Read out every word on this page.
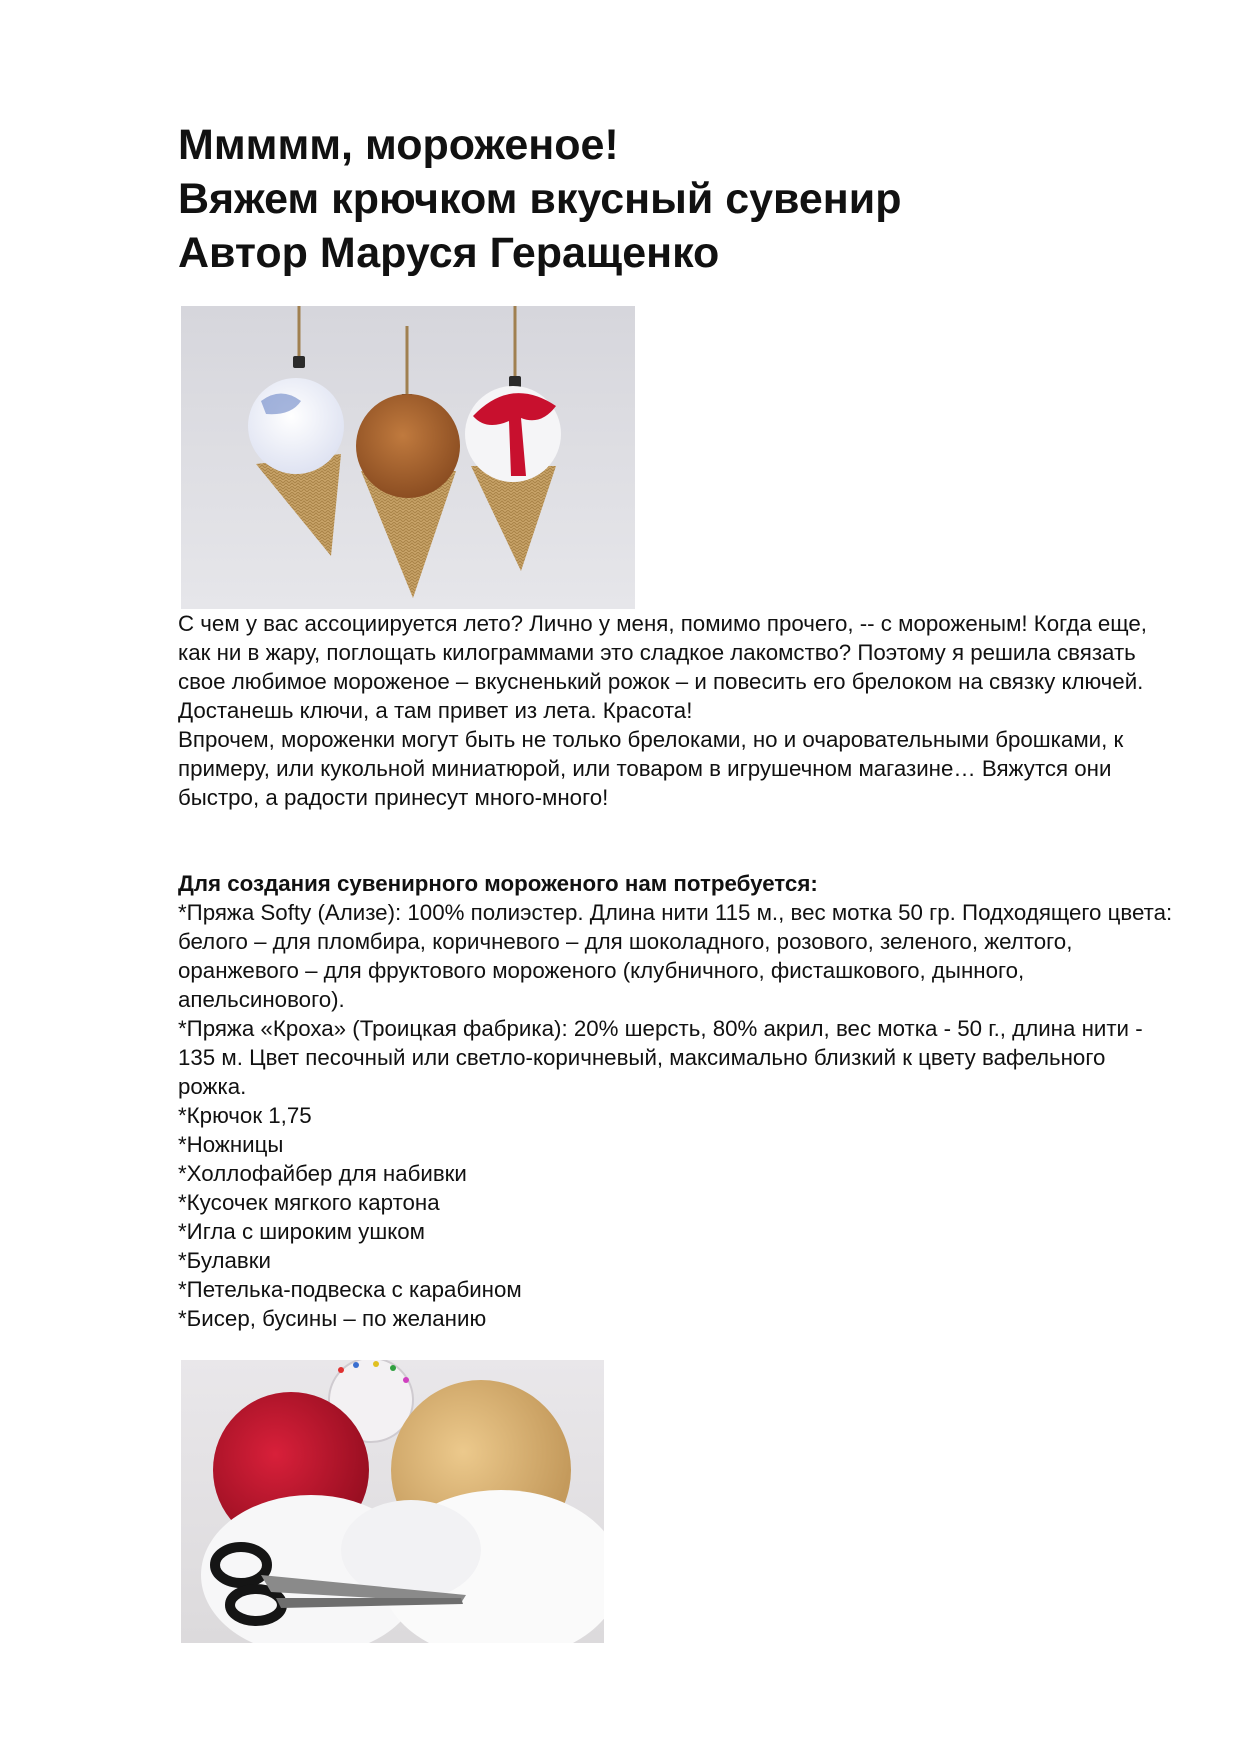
Ммммм, мороженое!

Вяжем крючком вкусный сувенир

Автор Маруся Геращенко

С чем у вас ассоциируется лето? Лично у меня, помимо прочего, -- с мороженым! Когда еще, как ни в жару, поглощать килограммами это сладкое лакомство? Поэтому я решила связать свое любимое мороженое – вкусненький рожок – и повесить его брелоком на связку ключей. Достанешь ключи, а там привет из лета. Красота!

Впрочем, мороженки могут быть не только брелоками, но и очаровательными брошками, к примеру, или кукольной миниатюрой, или товаром в игрушечном магазине… Вяжутся они быстро, а радости принесут много-много!

Для создания сувенирного мороженого нам потребуется:

*Пряжа Softy (Ализе): 100% полиэстер. Длина нити 115 м., вес мотка 50 гр. Подходящего цвета: белого – для пломбира, коричневого – для шоколадного, розового, зеленого, желтого, оранжевого – для фруктового мороженого (клубничного, фисташкового, дынного, апельсинового).

*Пряжа «Кроха» (Троицкая фабрика): 20% шерсть, 80% акрил, вес мотка - 50 г., длина нити - 135 м. Цвет песочный или светло-коричневый, максимально близкий к цвету вафельного рожка.

*Крючок 1,75

*Ножницы

*Холлофайбер для набивки

*Кусочек мягкого картона

*Игла с широким ушком

*Булавки

*Петелька-подвеска с карабином

*Бисер, бусины – по желанию
